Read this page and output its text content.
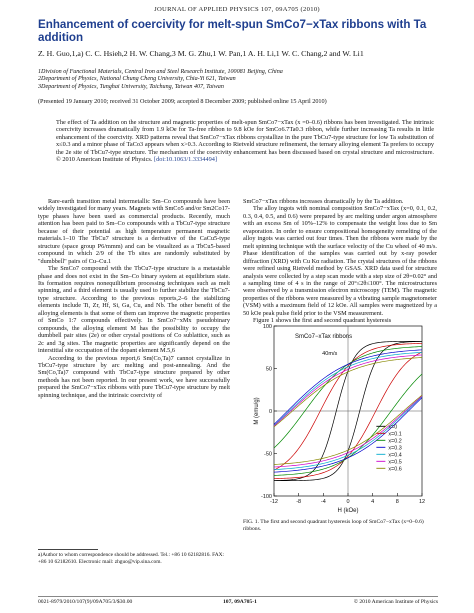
JOURNAL OF APPLIED PHYSICS 107, 09A705 (2010)
Enhancement of coercivity for melt-spun SmCo7−xTax ribbons with Ta addition
Z. H. Guo,1,a) C. C. Hsieh,2 H. W. Chang,3 M. G. Zhu,1 W. Pan,1 A. H. Li,1 W. C. Chang,2 and W. Li1
1Division of Functional Materials, Central Iron and Steel Research Institute, 100081 Beijing, China
2Department of Physics, National Chung Cheng University, Chia-Yi 621, Taiwan
3Department of Physics, Tunghai University, Taichung, Taiwan 407, Taiwan
(Presented 19 January 2010; received 31 October 2009; accepted 8 December 2009; published online 15 April 2010)
The effect of Ta addition on the structure and magnetic properties of melt-spun SmCo7−xTax (x =0–0.6) ribbons has been investigated. The intrinsic coercivity increases dramatically from 1.9 kOe for Ta-free ribbon to 9.8 kOe for SmCo6.7Ta0.3 ribbon, while further increasing Ta results in little enhancement of the coercivity. XRD patterns reveal that SmCo7−xTax ribbons crystallize in the pure TbCu7-type structure for low Ta substitution of x≤0.3 and a minor phase of TaCo3 appears when x>0.3. According to Rietveld structure refinement, the ternary alloying element Ta prefers to occupy the 2e site of TbCu7-type structure. The mechanism of the coercivity enhancement has been discussed based on crystal structure and microstructure. © 2010 American Institute of Physics. [doi:10.1063/1.3334494]

Rare-earth transition metal intermetallic Sm–Co compounds have been widely investigated for many years. Magnets with SmCo5 and/or Sm2Co17-type phases have been used as commercial products. Recently, much attention has been paid to Sm–Co compounds with a TbCu7-type structure because of their potential as high temperature permanent magnetic materials.1–10 The TbCu7 structure is a derivative of the CaCu5-type structure (space group P6/mmm) and can be visualized as a TbCu5-based compound in which 2/9 of the Tb sites are randomly substituted by "dumbbell" pairs of Cu–Cu.1

The SmCo7 compound with the TbCu7-type structure is a metastable phase and does not exist in the Sm–Co binary system at equilibrium state. Its formation requires nonequilibrium processing techniques such as melt spinning, and a third element is usually used to further stabilize the TbCu7-type structure. According to the previous reports,2–6 the stabilizing elements include Ti, Zr, Hf, Si, Ga, Cu, and Nb. The other benefit of the alloying elements is that some of them can improve the magnetic properties of SmCo 1:7 compounds effectively. In SmCo7−xMx pseudobinary compounds, the alloying element M has the possibility to occupy the dumbbell pair sites (2e) or other crystal positions of Co sublattice, such as 2c and 3g sites. The magnetic properties are significantly depend on the interstitial site occupation of the dopant element M.5,6

According to the previous report,6 Sm(Co,Ta)7 cannot crystallize in TbCu7-type structure by arc melting and post-annealing. And the Sm(Co,Ta)7 compound with TbCu7-type structure prepared by other methods has not been reported. In our present work, we have successfully prepared the SmCo7−xTax ribbons with pure TbCu7-type structure by melt spinning technique, and the intrinsic coercivity of

a)Author to whom correspondence should be addressed. Tel.: +86 10 62182816. FAX: +86 10 62182610. Electronic mail: zhguo@vip.sina.com.

SmCo7−xTax ribbons increases dramatically by the Ta addition.

The alloy ingots with nominal composition SmCo7−xTax (x=0, 0.1, 0.2, 0.3, 0.4, 0.5, and 0.6) were prepared by arc melting under argon atmosphere with an excess Sm of 10%–12% to compensate the weight loss due to Sm evaporation. In order to ensure compositional homogeneity remelting of the alloy ingots was carried out four times. Then the ribbons were made by the melt spinning technique with the surface velocity of the Cu wheel of 40 m/s. Phase identification of the samples was carried out by x-ray powder diffraction (XRD) with Cu Kα radiation. The crystal structures of the ribbons were refined using Rietveld method by GSAS. XRD data used for structure analysis were collected by a step scan mode with a step size of 2θ=0.02° and a sampling time of 4 s in the range of 20°≤2θ≤100°. The microstructures were observed by a transmission electron microscopy (TEM). The magnetic properties of the ribbons were measured by a vibrating sample magnetometer (VSM) with a maximum field of 12 kOe. All samples were magnetized by a 50 kOe peak pulse field prior to the VSM measurement.

Figure 1 shows the first and second quadrant hysteresis

-12	-8	-4	0	4	8	12
-100
-50
0
50
100
H (kOe)
M (emu/g)
SmCo7−xTax ribbons
40m/s
x=0
x=0.1
x=0.2
x=0.3
x=0.4
x=0.5
x=0.6
FIG. 1. The first and second quadrant hysteresis loop of SmCo7−xTax (x=0–0.6) ribbons.
0021-8979/2010/107(9)/09A705/3/$30.00	107, 09A705-1	© 2010 American Institute of Physics
